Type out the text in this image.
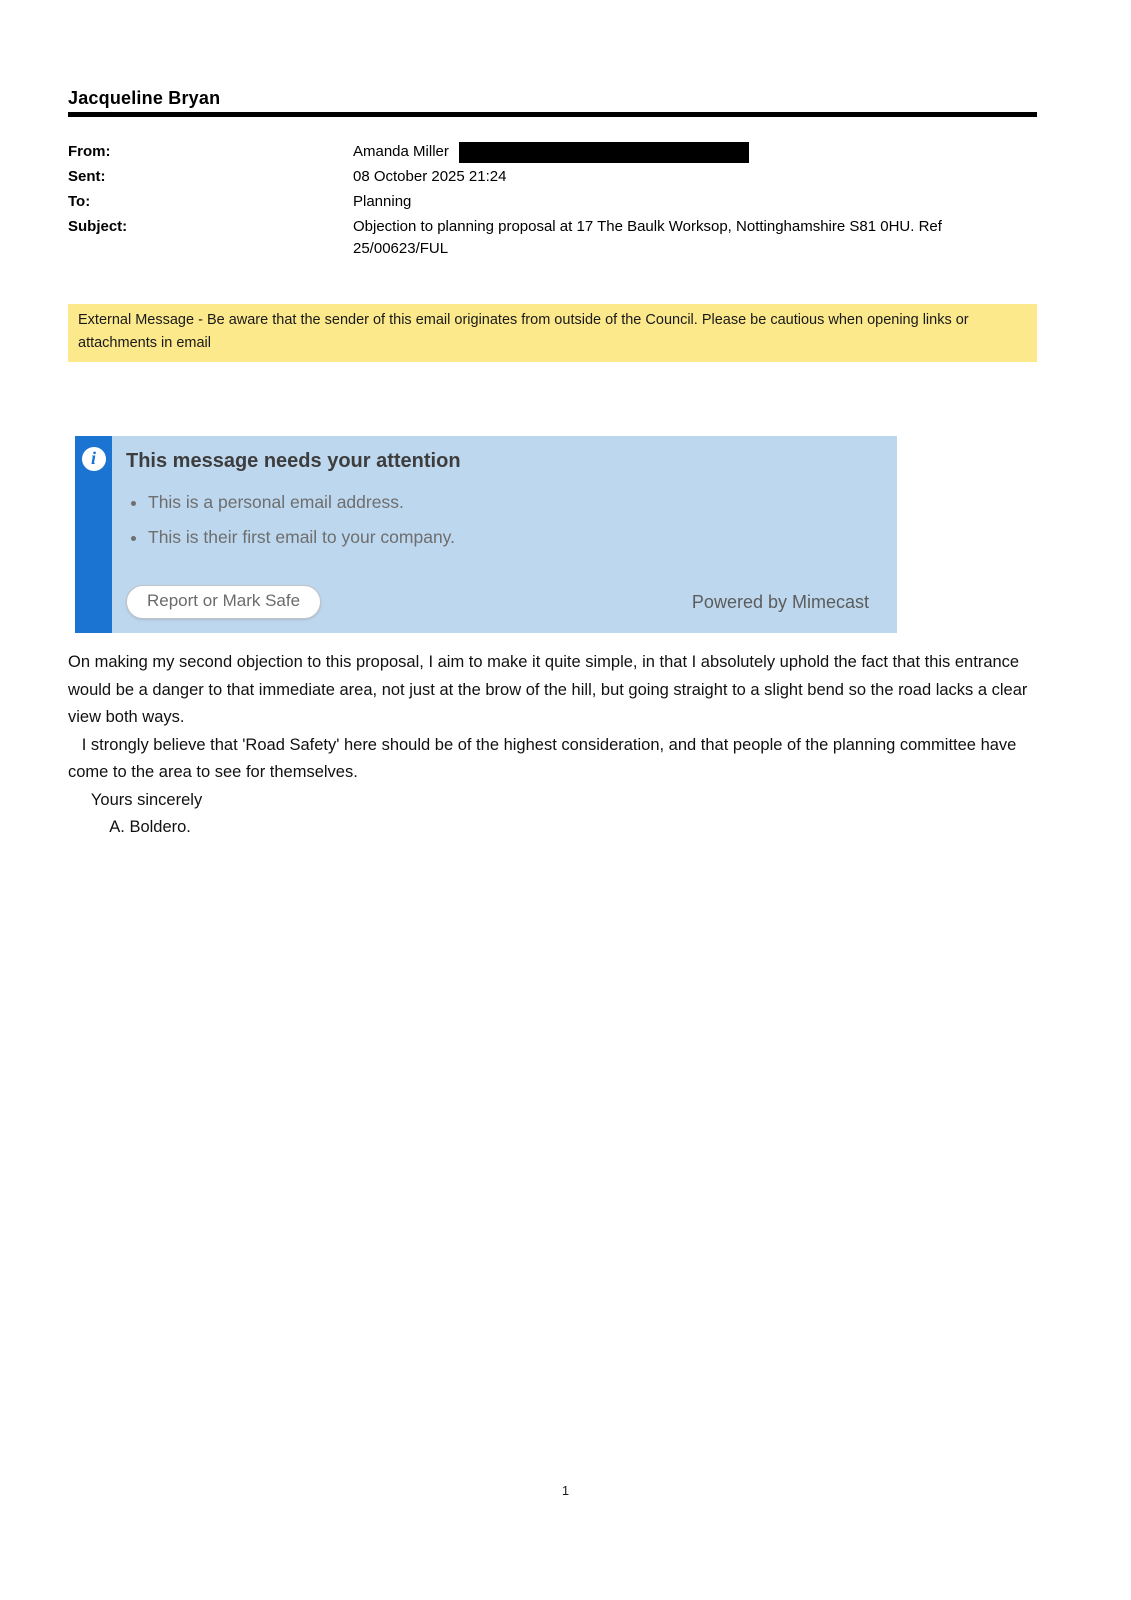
Jacqueline Bryan
From:	Amanda Miller
Sent:	08 October 2025 21:24
To:	Planning
Subject:	Objection to planning proposal at 17 The Baulk Worksop, Nottinghamshire S81 0HU. Ref 25/00623/FUL
External Message - Be aware that the sender of this email originates from outside of the Council. Please be cautious when opening links or attachments in email
i	This message needs your attention
• This is a personal email address.
• This is their first email to your company.
Report or Mark Safe	Powered by Mimecast
On making my second objection to this proposal, I aim to make it quite simple, in that I absolutely uphold the fact that this entrance would be a danger to that immediate area, not just at the brow of the hill, but going straight to a slight bend so the road lacks a clear view both ways.
I strongly believe that 'Road Safety' here should be of the highest consideration, and that people of the planning committee have come to the area to see for themselves.
Yours sincerely
A. Boldero.
1
